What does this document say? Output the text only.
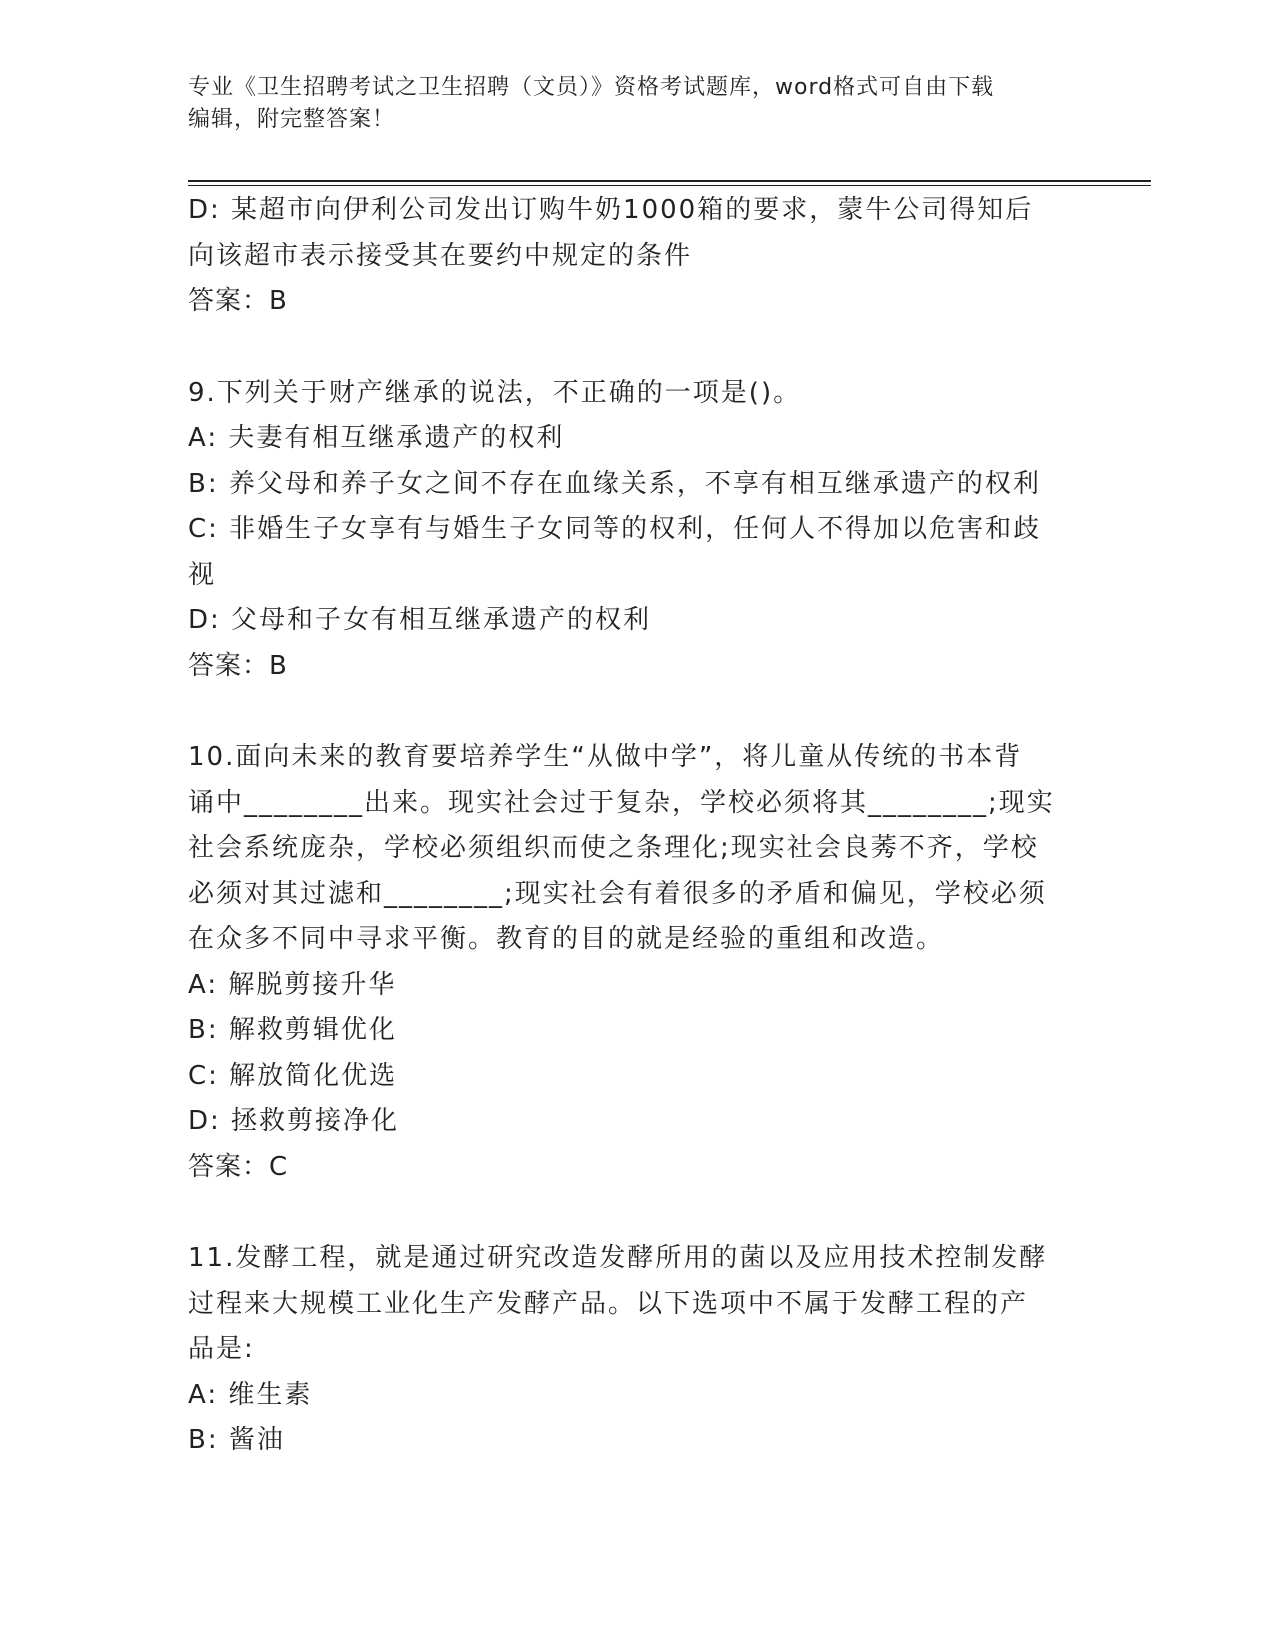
专业《卫生招聘考试之卫生招聘（文员）》资格考试题库，word格式可自由下载

编辑，附完整答案！

D: 某超市向伊利公司发出订购牛奶1000箱的要求，蒙牛公司得知后

向该超市表示接受其在要约中规定的条件

答案：B

9.下列关于财产继承的说法，不正确的一项是()。

A: 夫妻有相互继承遗产的权利

B: 养父母和养子女之间不存在血缘关系，不享有相互继承遗产的权利

C: 非婚生子女享有与婚生子女同等的权利，任何人不得加以危害和歧

视

D: 父母和子女有相互继承遗产的权利

答案：B

10.面向未来的教育要培养学生“从做中学”，将儿童从传统的书本背

诵中________出来。现实社会过于复杂，学校必须将其________;现实

社会系统庞杂，学校必须组织而使之条理化;现实社会良莠不齐，学校

必须对其过滤和________;现实社会有着很多的矛盾和偏见，学校必须

在众多不同中寻求平衡。教育的目的就是经验的重组和改造。

A: 解脱剪接升华

B: 解救剪辑优化

C: 解放简化优选

D: 拯救剪接净化

答案：C

11.发酵工程，就是通过研究改造发酵所用的菌以及应用技术控制发酵

过程来大规模工业化生产发酵产品。以下选项中不属于发酵工程的产

品是:

A: 维生素

B: 酱油
